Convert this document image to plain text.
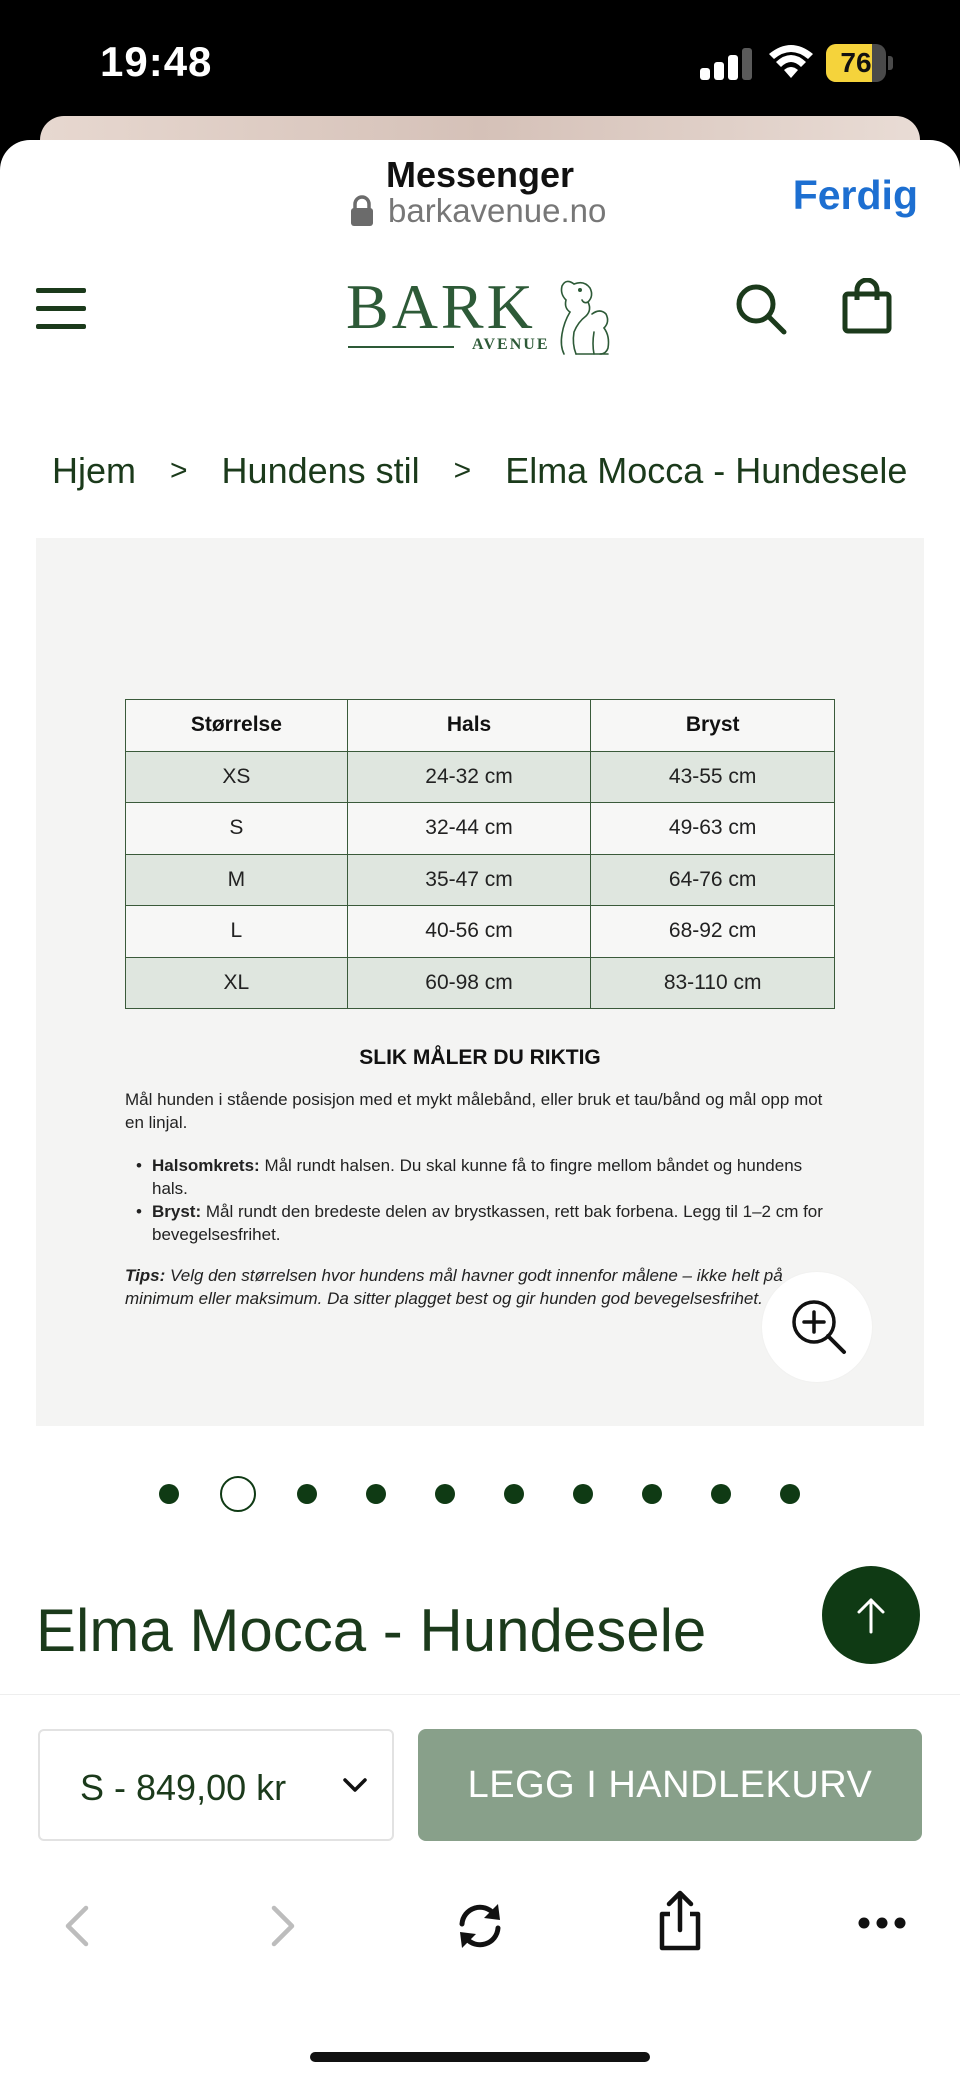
19:48	76
Messenger
barkavenue.no	Ferdig
BARK
AVENUE
Hjem > Hundens stil > Elma Mocca - Hundesele
Størrelse	Hals	Bryst
XS	24-32 cm	43-55 cm
S	32-44 cm	49-63 cm
M	35-47 cm	64-76 cm
L	40-56 cm	68-92 cm
XL	60-98 cm	83-110 cm
SLIK MÅLER DU RIKTIG

Mål hunden i stående posisjon med et mykt målebånd, eller bruk et tau/bånd og mål opp mot en linjal.

• Halsomkrets: Mål rundt halsen. Du skal kunne få to fingre mellom båndet og hundens hals.
• Bryst: Mål rundt den bredeste delen av brystkassen, rett bak forbena. Legg til 1–2 cm for bevegelsesfrihet.

Tips: Velg den størrelsen hvor hundens mål havner godt innenfor målene – ikke helt på minimum eller maksimum. Da sitter plagget best og gir hunden god bevegelsesfrihet.

Elma Mocca - Hundesele
S - 849,00 kr	LEGG I HANDLEKURV
